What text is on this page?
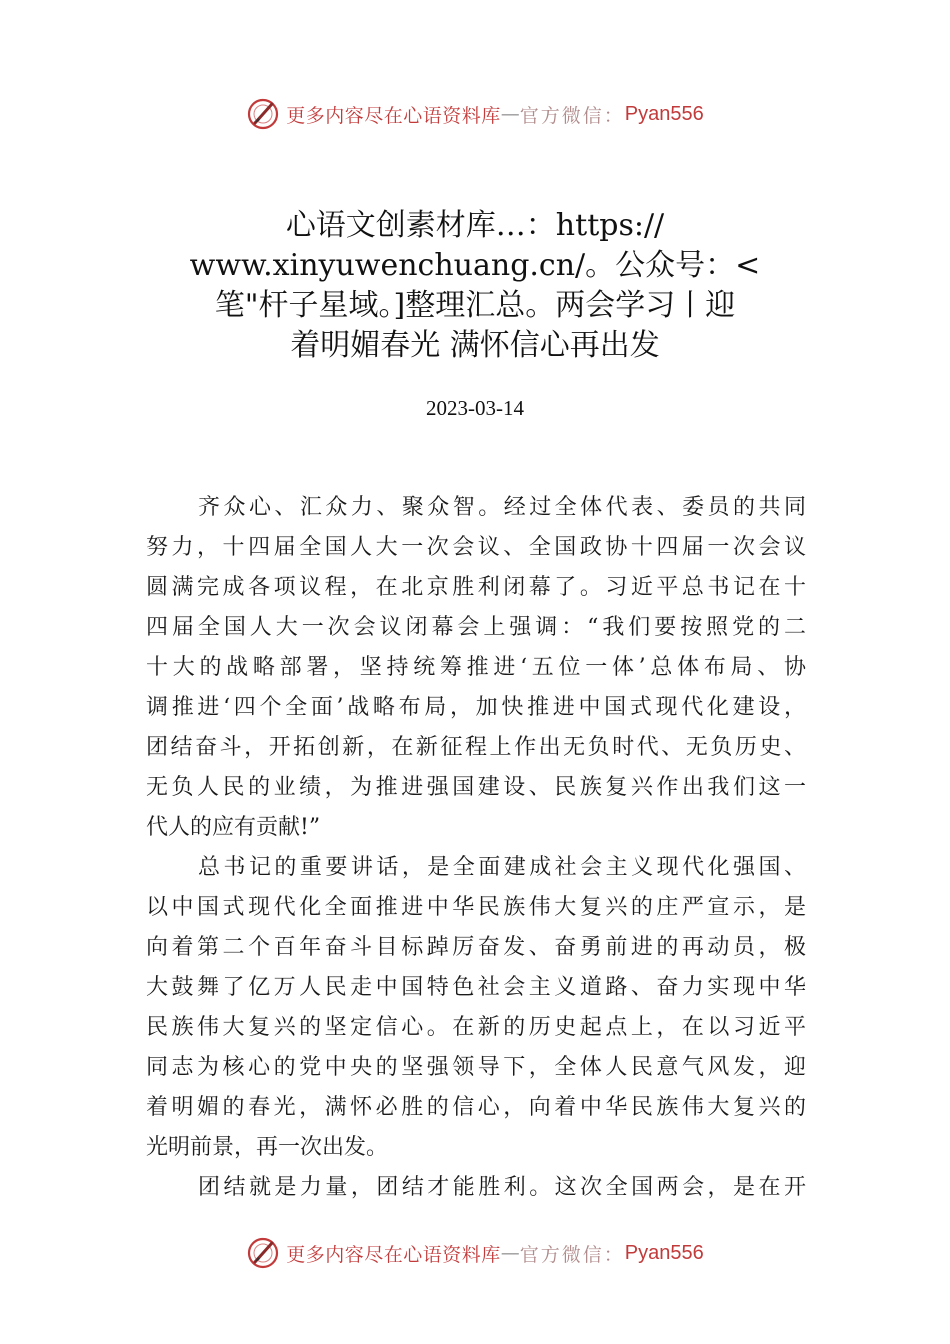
更多内容尽在心语资料库 — 官方微信： Pyan556
心语文创素材库…：https://
www.xinyuwenchuang.cn/。公众号：<
笔"杆子星域。]整理汇总。两会学习丨迎
着明媚春光 满怀信心再出发
2023-03-14
齐众心、汇众力、聚众智。经过全体代表、委员的共同
努力，十四届全国人大一次会议、全国政协十四届一次会议
圆满完成各项议程，在北京胜利闭幕了。习近平总书记在十
四届全国人大一次会议闭幕会上强调：“我们要按照党的二
十大的战略部署，坚持统筹推进‘五位一体’总体布局、协
调推进‘四个全面’战略布局，加快推进中国式现代化建设，
团结奋斗，开拓创新，在新征程上作出无负时代、无负历史、
无负人民的业绩，为推进强国建设、民族复兴作出我们这一
代人的应有贡献!”
总书记的重要讲话，是全面建成社会主义现代化强国、
以中国式现代化全面推进中华民族伟大复兴的庄严宣示，是
向着第二个百年奋斗目标踔厉奋发、奋勇前进的再动员，极
大鼓舞了亿万人民走中国特色社会主义道路、奋力实现中华
民族伟大复兴的坚定信心。在新的历史起点上，在以习近平
同志为核心的党中央的坚强领导下，全体人民意气风发，迎
着明媚的春光，满怀必胜的信心，向着中华民族伟大复兴的
光明前景，再一次出发。
团结就是力量，团结才能胜利。这次全国两会，是在开
更多内容尽在心语资料库 — 官方微信： Pyan556
